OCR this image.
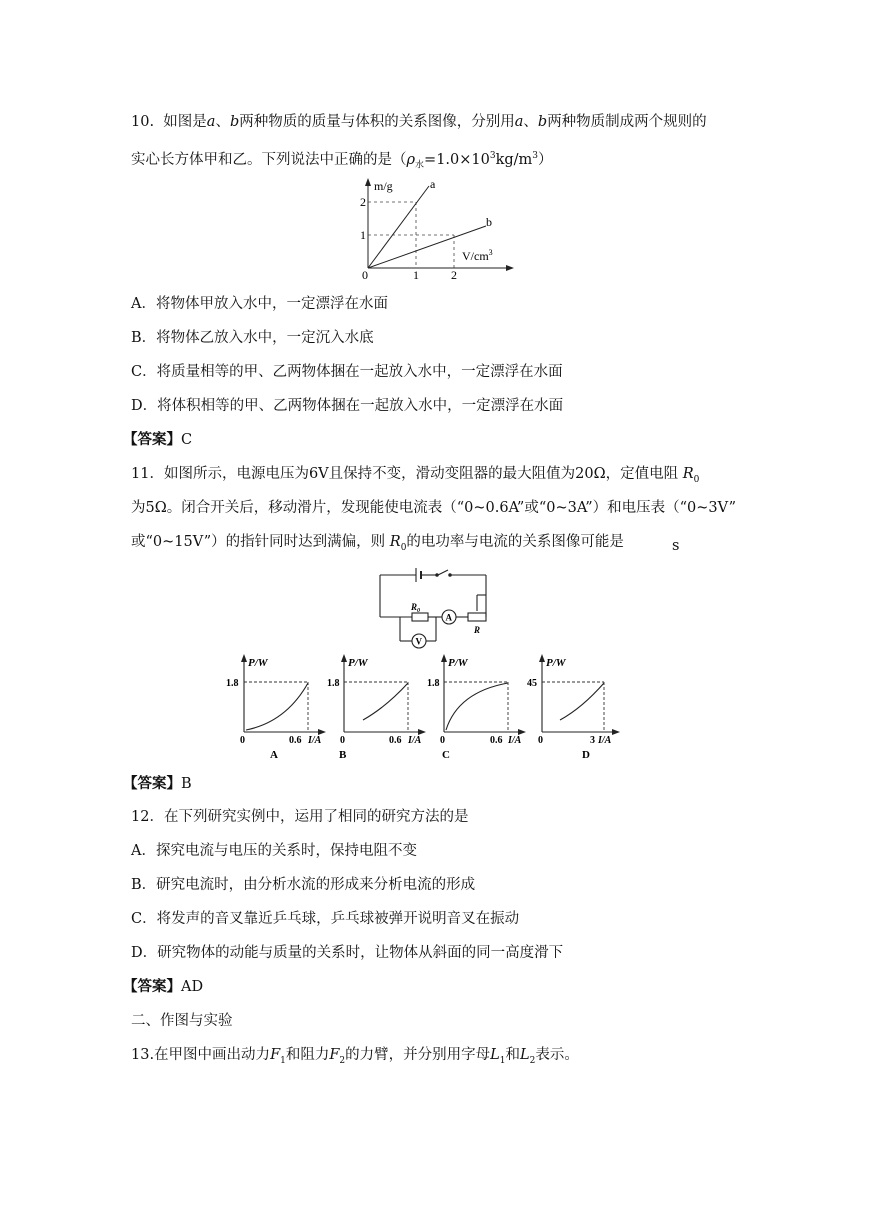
10. 如图是a、b两种物质的质量与体积的关系图像，分别用a、b两种物质制成两个规则的
实心长方体甲和乙。下列说法中正确的是$(\rho_水=1.0\times 10^3kg/m^3)$
m/g
$V/cm^3$
2
1
0	1	2
a
b
A．将物体甲放入水中，一定漂浮在水面
B．将物体乙放入水中，一定沉入水底
C．将质量相等的甲、乙两物体捆在一起放入水中，一定漂浮在水面
D．将体积相等的甲、乙两物体捆在一起放入水中，一定漂浮在水面
【答案】C
11．如图所示，电源电压为6V且保持不变，滑动变阻器的最大阻值为20Ω，定值电阻 $R_0$
为5Ω。闭合开关后，移动滑片，发现能使电流表（“0~0.6A”或“0~3A”）和电压表（“0~3V”
或“0~15V”）的指针同时达到满偏，则 $R_0$的电功率与电流的关系图像可能是	s
$R_0$
A
V
R
P/W
1.8
0	0.6 I/A
A
P/W
1.8
0	0.6 I/A
B
P/W
1.8
0	0.6 I/A
C
P/W
45
0	3 I/A
D
【答案】B
12．在下列研究实例中，运用了相同的研究方法的是
A．探究电流与电压的关系时，保持电阻不变
B．研究电流时，由分析水流的形成来分析电流的形成
C．将发声的音叉靠近乒乓球，乒乓球被弹开说明音叉在振动
D．研究物体的动能与质量的关系时，让物体从斜面的同一高度滑下
【答案】AD
二、作图与实验
13.在甲图中画出动力$F_1$和阻力$F_2$的力臂，并分别用字母$L_1$和$L_2$表示。
